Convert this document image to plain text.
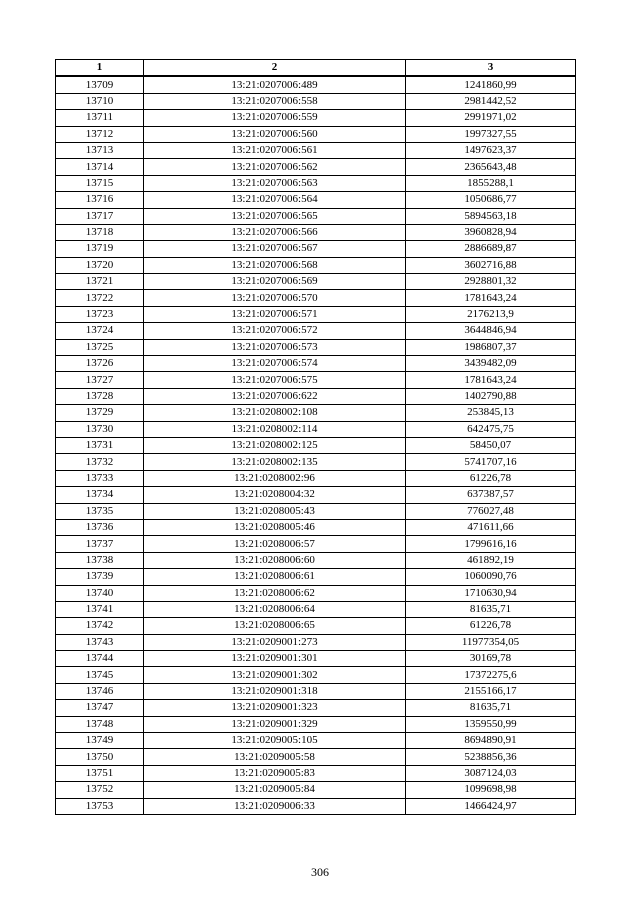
1	2	3
13709	13:21:0207006:489	1241860,99
13710	13:21:0207006:558	2981442,52
13711	13:21:0207006:559	2991971,02
13712	13:21:0207006:560	1997327,55
13713	13:21:0207006:561	1497623,37
13714	13:21:0207006:562	2365643,48
13715	13:21:0207006:563	1855288,1
13716	13:21:0207006:564	1050686,77
13717	13:21:0207006:565	5894563,18
13718	13:21:0207006:566	3960828,94
13719	13:21:0207006:567	2886689,87
13720	13:21:0207006:568	3602716,88
13721	13:21:0207006:569	2928801,32
13722	13:21:0207006:570	1781643,24
13723	13:21:0207006:571	2176213,9
13724	13:21:0207006:572	3644846,94
13725	13:21:0207006:573	1986807,37
13726	13:21:0207006:574	3439482,09
13727	13:21:0207006:575	1781643,24
13728	13:21:0207006:622	1402790,88
13729	13:21:0208002:108	253845,13
13730	13:21:0208002:114	642475,75
13731	13:21:0208002:125	58450,07
13732	13:21:0208002:135	5741707,16
13733	13:21:0208002:96	61226,78
13734	13:21:0208004:32	637387,57
13735	13:21:0208005:43	776027,48
13736	13:21:0208005:46	471611,66
13737	13:21:0208006:57	1799616,16
13738	13:21:0208006:60	461892,19
13739	13:21:0208006:61	1060090,76
13740	13:21:0208006:62	1710630,94
13741	13:21:0208006:64	81635,71
13742	13:21:0208006:65	61226,78
13743	13:21:0209001:273	11977354,05
13744	13:21:0209001:301	30169,78
13745	13:21:0209001:302	17372275,6
13746	13:21:0209001:318	2155166,17
13747	13:21:0209001:323	81635,71
13748	13:21:0209001:329	1359550,99
13749	13:21:0209005:105	8694890,91
13750	13:21:0209005:58	5238856,36
13751	13:21:0209005:83	3087124,03
13752	13:21:0209005:84	1099698,98
13753	13:21:0209006:33	1466424,97
306
